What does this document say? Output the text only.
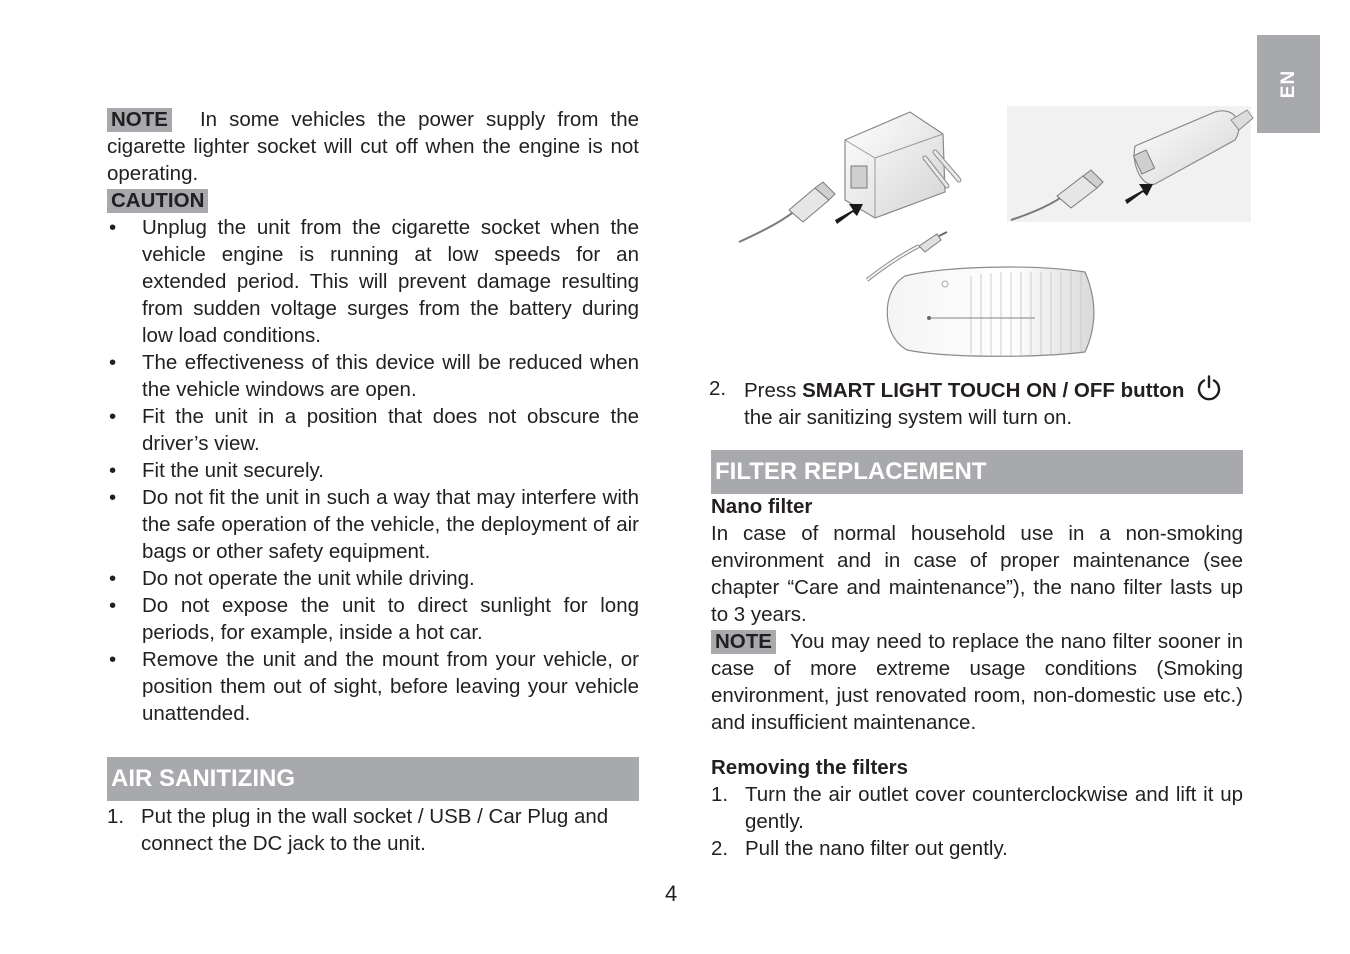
EN
NOTE In some vehicles the power supply from the cigarette lighter socket will cut off when the engine is not operating.
CAUTION
• Unplug the unit from the cigarette socket when the vehicle engine is running at low speeds for an extended period. This will prevent damage resulting from sudden voltage surges from the battery during low load conditions.
• The effectiveness of this device will be reduced when the vehicle windows are open.
• Fit the unit in a position that does not obscure the driver’s view.
• Fit the unit securely.
• Do not fit the unit in such a way that may interfere with the safe operation of the vehicle, the deployment of air bags or other safety equipment.
• Do not operate the unit while driving.
• Do not expose the unit to direct sunlight for long periods, for example, inside a hot car.
• Remove the unit and the mount from your vehicle, or position them out of sight, before leaving your vehicle unattended.
AIR SANITIZING
1. Put the plug in the wall socket / USB / Car Plug and connect the DC jack to the unit.
2. Press SMART LIGHT TOUCH ON / OFF button
the air sanitizing system will turn on.
FILTER REPLACEMENT
Nano filter
In case of normal household use in a non-smoking environment and in case of proper maintenance (see chapter “Care and maintenance”), the nano filter lasts up to 3 years.
NOTE You may need to replace the nano filter sooner in case of more extreme usage conditions (Smoking environment, just renovated room, non-domestic use etc.) and insufficient maintenance.
Removing the filters
1. Turn the air outlet cover counterclockwise and lift it up gently.
2. Pull the nano filter out gently.
4
